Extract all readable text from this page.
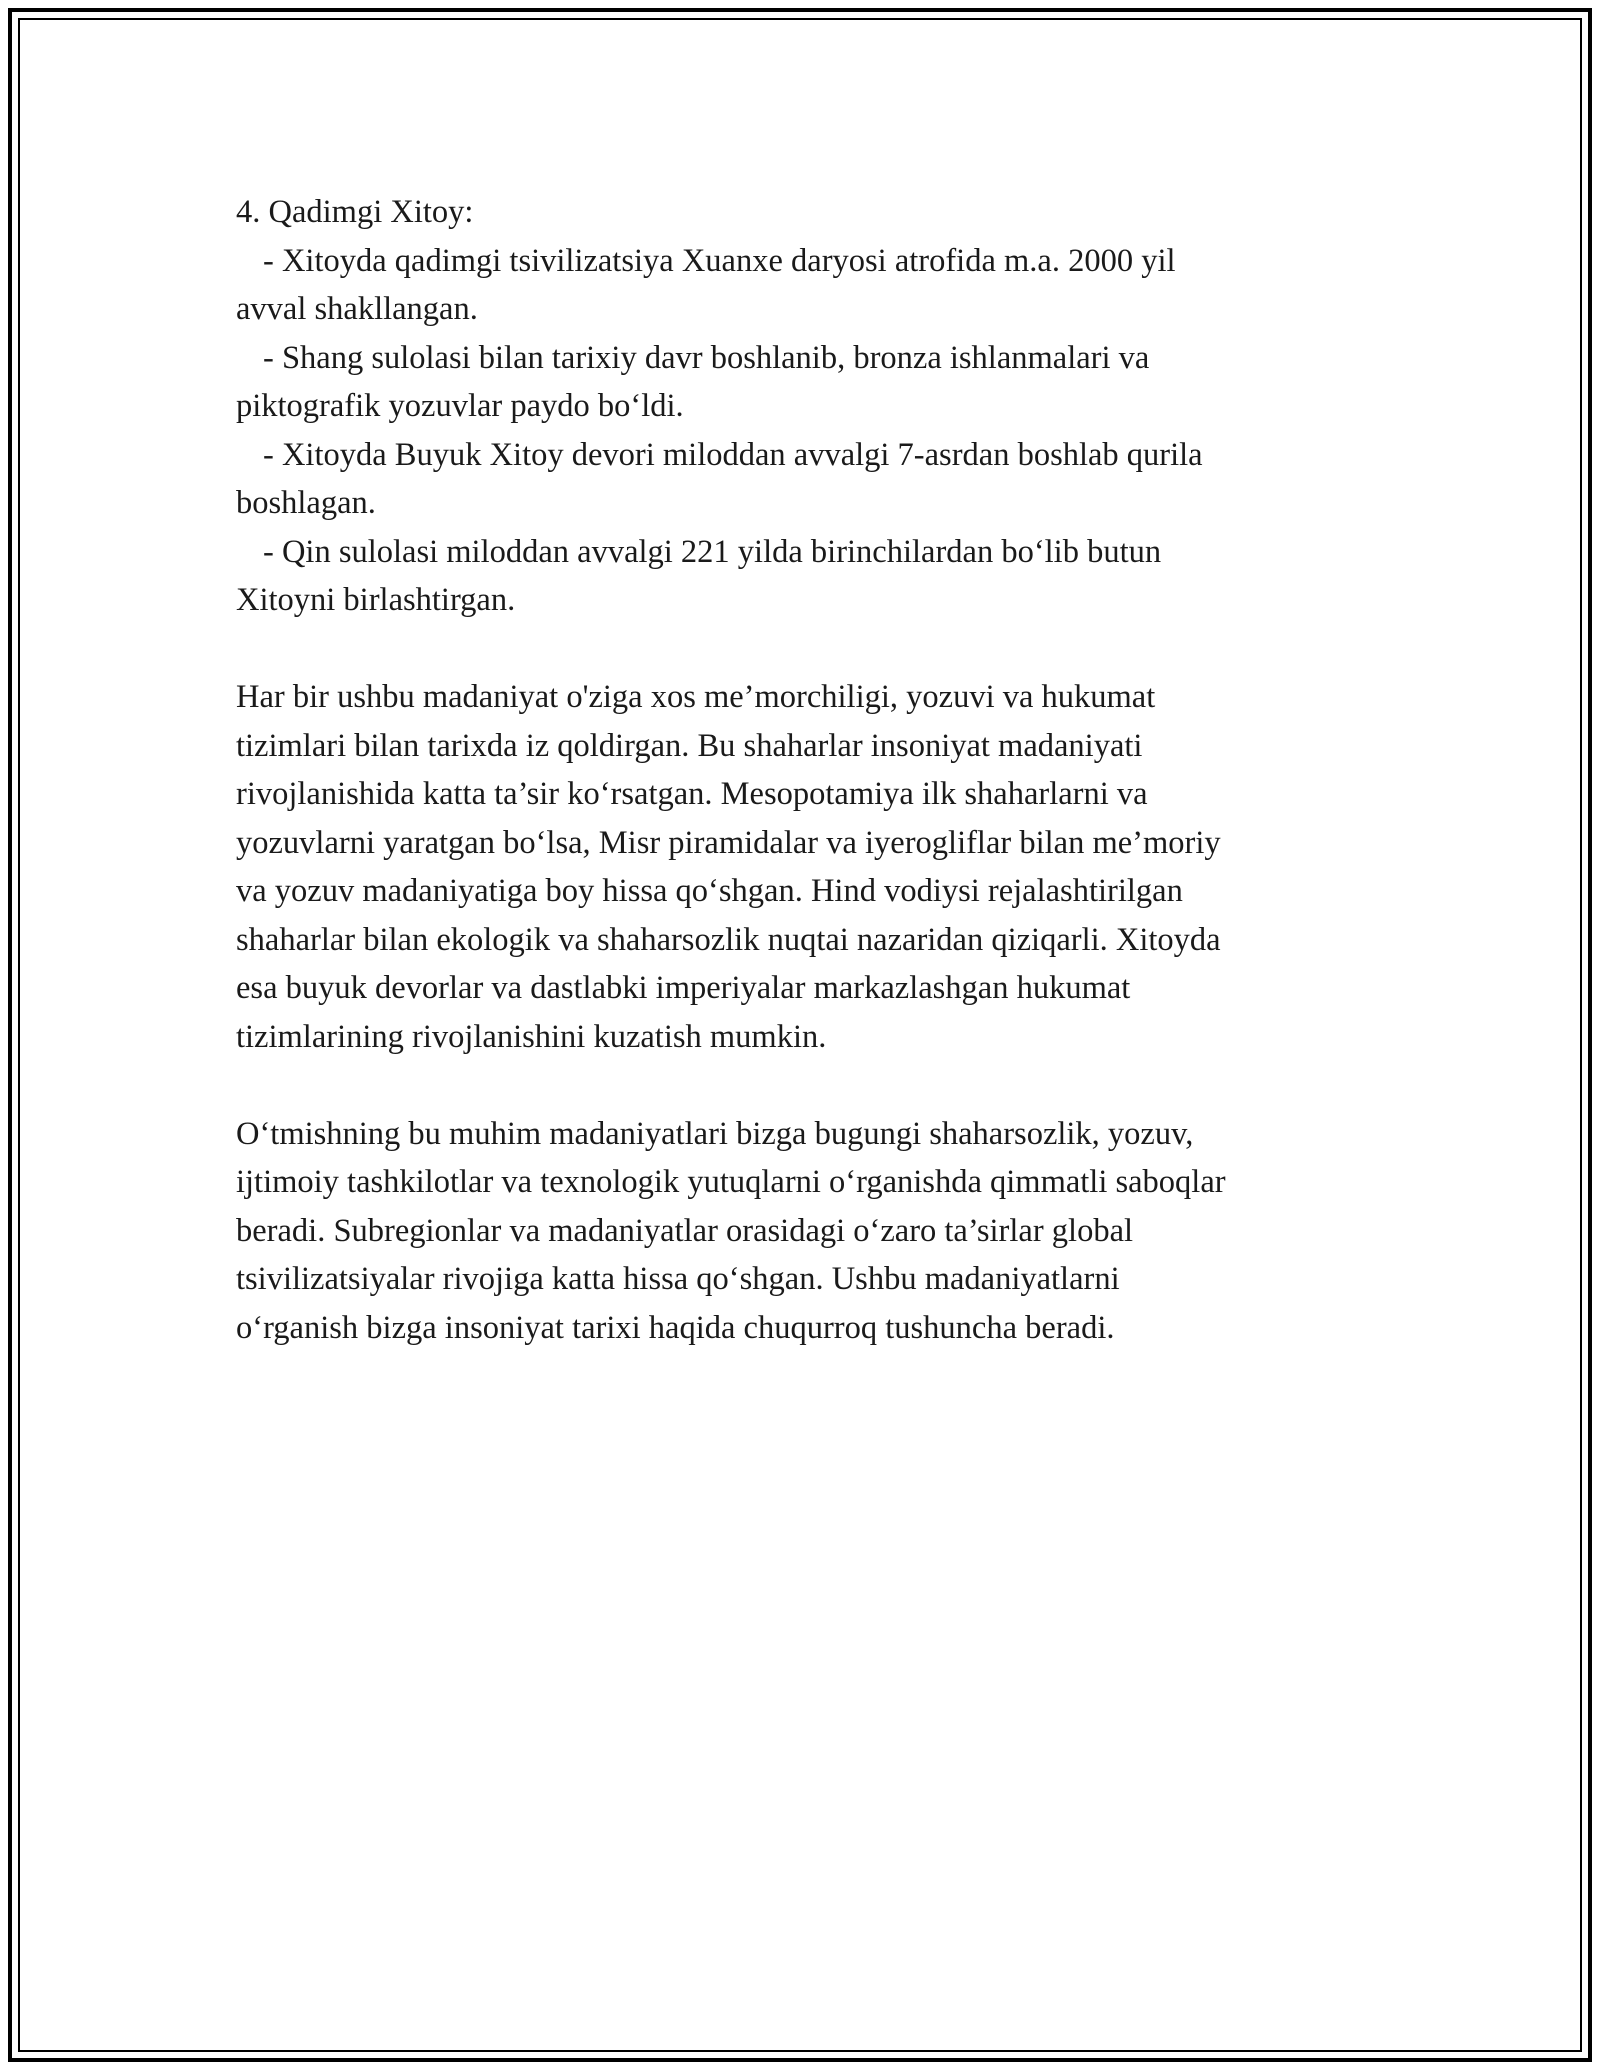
4. Qadimgi Xitoy:
- Xitoyda qadimgi tsivilizatsiya Xuanxe daryosi atrofida m.a. 2000 yil
avval shakllangan.
- Shang sulolasi bilan tarixiy davr boshlanib, bronza ishlanmalari va
piktografik yozuvlar paydo bo‘ldi.
- Xitoyda Buyuk Xitoy devori miloddan avvalgi 7-asrdan boshlab qurila
boshlagan.
- Qin sulolasi miloddan avvalgi 221 yilda birinchilardan bo‘lib butun
Xitoyni birlashtirgan.
Har bir ushbu madaniyat o'ziga xos me’morchiligi, yozuvi va hukumat
tizimlari bilan tarixda iz qoldirgan. Bu shaharlar insoniyat madaniyati
rivojlanishida katta ta’sir ko‘rsatgan. Mesopotamiya ilk shaharlarni va
yozuvlarni yaratgan bo‘lsa, Misr piramidalar va iyerogliflar bilan me’moriy
va yozuv madaniyatiga boy hissa qo‘shgan. Hind vodiysi rejalashtirilgan
shaharlar bilan ekologik va shaharsozlik nuqtai nazaridan qiziqarli. Xitoyda
esa buyuk devorlar va dastlabki imperiyalar markazlashgan hukumat
tizimlarining rivojlanishini kuzatish mumkin.
O‘tmishning bu muhim madaniyatlari bizga bugungi shaharsozlik, yozuv,
ijtimoiy tashkilotlar va texnologik yutuqlarni o‘rganishda qimmatli saboqlar
beradi. Subregionlar va madaniyatlar orasidagi o‘zaro ta’sirlar global
tsivilizatsiyalar rivojiga katta hissa qo‘shgan. Ushbu madaniyatlarni
o‘rganish bizga insoniyat tarixi haqida chuqurroq tushuncha beradi.
